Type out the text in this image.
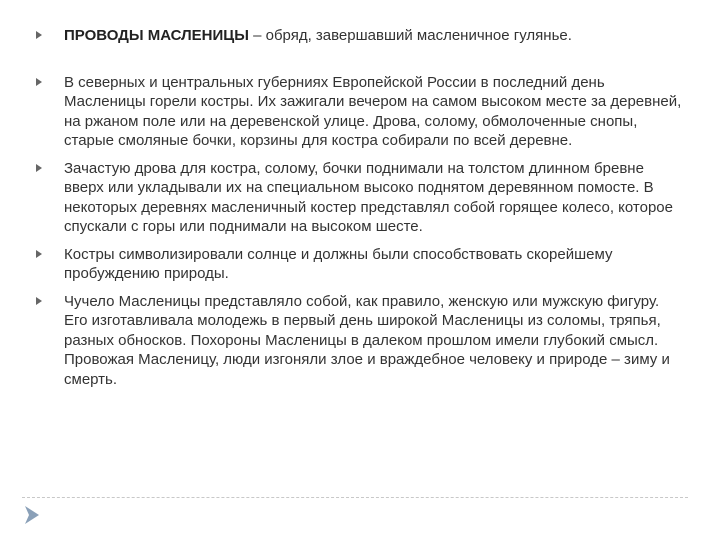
ПРОВОДЫ МАСЛЕНИЦЫ – обряд, завершавший масленичное гулянье.
В северных и центральных губерниях Европейской России в последний день Масленицы горели костры. Их зажигали вечером на самом высоком месте за деревней, на ржаном поле или на деревенской улице. Дрова, солому, обмолоченные снопы, старые смоляные бочки, корзины для костра собирали по всей деревне.
Зачастую дрова для костра, солому, бочки поднимали на толстом длинном бревне вверх или укладывали их на специальном высоко поднятом деревянном помосте. В некоторых деревнях масленичный костер представлял собой горящее колесо, которое спускали с горы или поднимали на высоком шесте.
Костры символизировали солнце и должны были способствовать скорейшему пробуждению природы.
Чучело Масленицы представляло собой, как правило, женскую или мужскую фигуру. Его изготавливала молодежь в первый день широкой Масленицы из соломы, тряпья, разных обносков. Похороны Масленицы в далеком прошлом имели глубокий смысл. Провожая Масленицу, люди изгоняли злое и враждебное человеку и природе – зиму и смерть.
